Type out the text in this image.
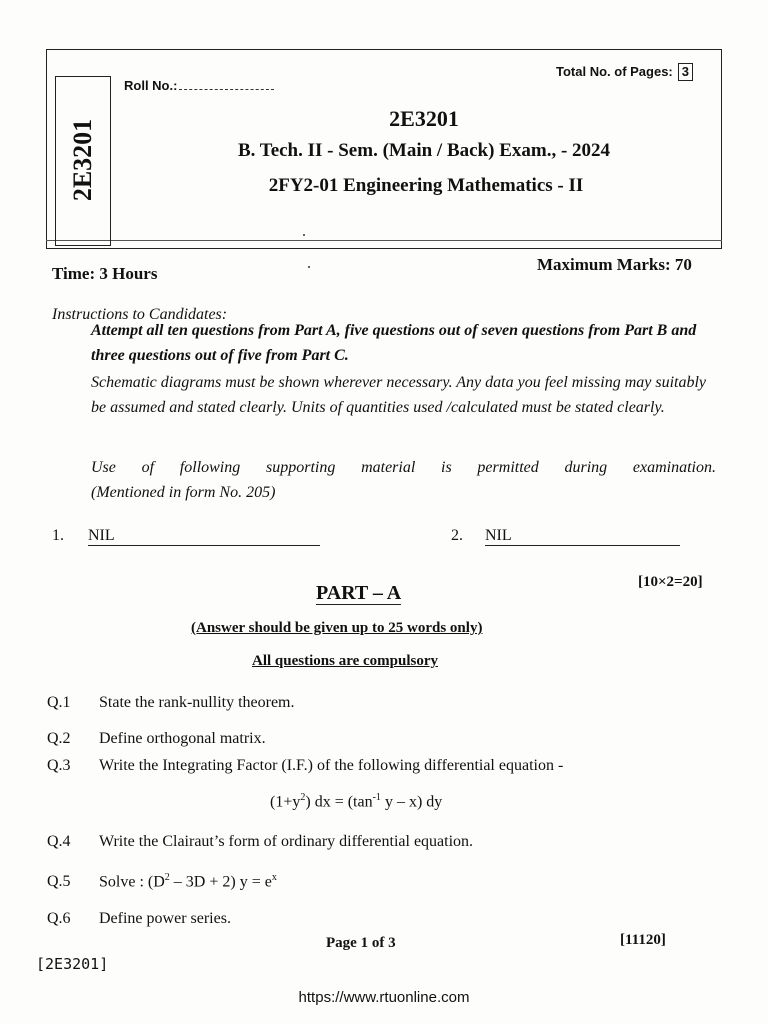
2E3201
Roll No.:
Total No. of Pages: 3
2E3201
B. Tech. II - Sem. (Main / Back) Exam., - 2024
2FY2-01 Engineering Mathematics - II
Time: 3 Hours	Maximum Marks: 70
Instructions to Candidates:
Attempt all ten questions from Part A, five questions out of seven questions from Part B and three questions out of five from Part C.
Schematic diagrams must be shown wherever necessary. Any data you feel missing may suitably be assumed and stated clearly. Units of quantities used /calculated must be stated clearly.
Use of following supporting material is permitted during examination.
(Mentioned in form No. 205)
1. NIL	2. NIL
PART – A	[10×2=20]
(Answer should be given up to 25 words only)
All questions are compulsory
Q.1 State the rank-nullity theorem.
Q.2 Define orthogonal matrix.
Q.3 Write the Integrating Factor (I.F.) of the following differential equation -
$(1+y^2)$ dx = ($\tan^{-1}$ y – x) dy
Q.4 Write the Clairaut’s form of ordinary differential equation.
Q.5 Solve : $(D^2 - 3D + 2) y = e^x$
Q.6 Define power series.
Page 1 of 3	[11120]
[2E3201]
https://www.rtuonline.com
